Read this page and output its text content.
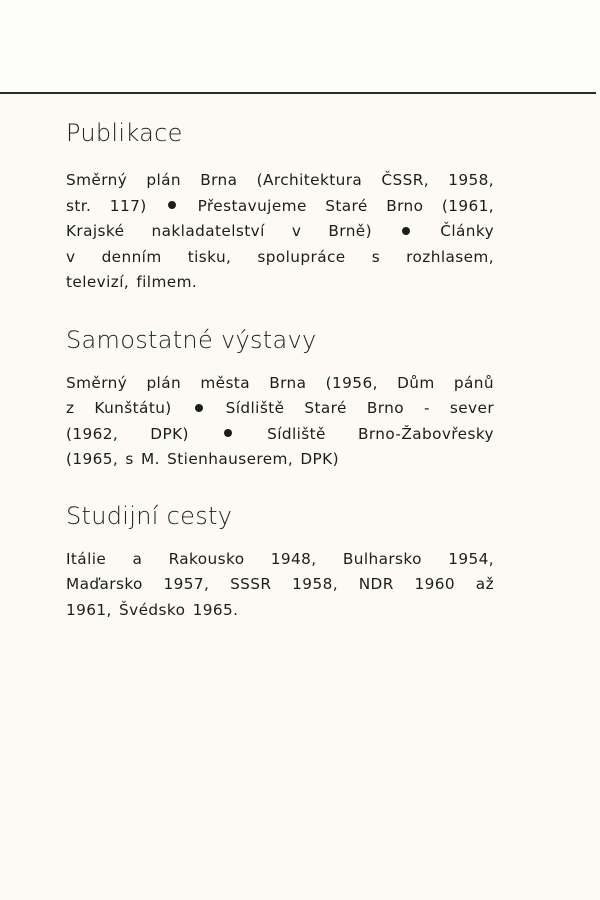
Publikace
Směrný plán Brna (Architektura ČSSR, 1958,
str. 117)	Přestavujeme Staré Brno (1961,
Krajské nakladatelství v Brně)	Články
v denním tisku, spolupráce s rozhlasem,
televizí, filmem.
Samostatné výstavy
Směrný plán města Brna (1956, Dům pánů
z Kunštátu)	Sídliště Staré Brno - sever
(1962, DPK)	Sídliště Brno-Žabovřesky
(1965, s M. Stienhauserem, DPK)
Studijní cesty
Itálie a Rakousko 1948, Bulharsko 1954,
Maďarsko 1957, SSSR 1958, NDR 1960 až
1961, Švédsko 1965.
